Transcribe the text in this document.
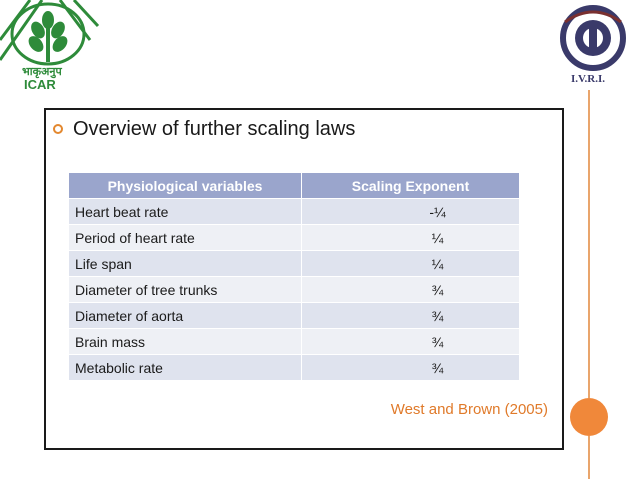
भाकृअनुप
ICAR	I.V.R.I.
Overview of further scaling laws
Physiological variables	Scaling Exponent
Heart beat rate	-¼
Period of heart rate	¼
Life span	¼
Diameter of tree trunks	¾
Diameter of aorta	¾
Brain mass	¾
Metabolic rate	¾
West and Brown (2005)
